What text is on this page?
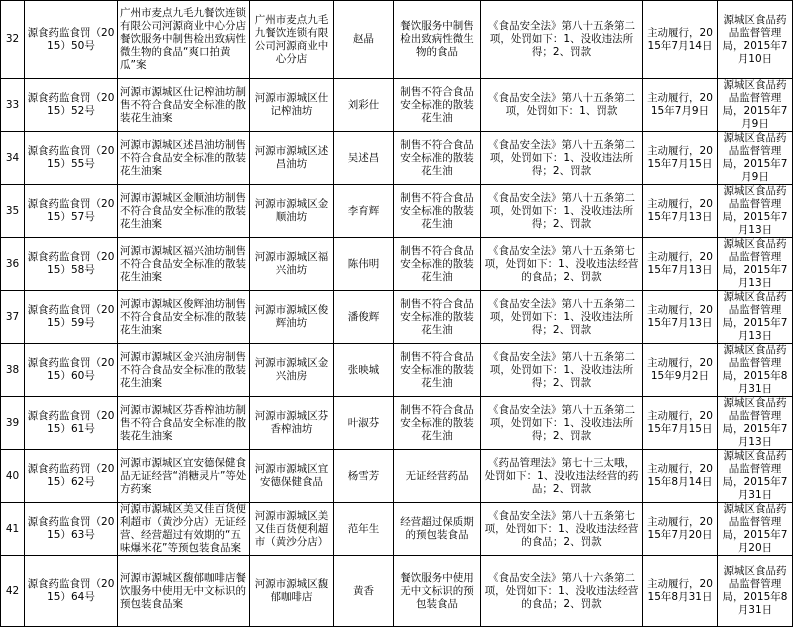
32	源食药监食罚（2015）50号	广州市麦点九毛九餐饮连锁有限公司河源商业中心分店餐饮服务中制售检出致病性微生物的食品“爽口拍黄瓜”案	广州市麦点九毛九餐饮连锁有限公司河源商业中心分店	赵晶	餐饮服务中制售检出致病性微生物的食品	《食品安全法》第八十五条第二项，处罚如下：1、没收违法所得；2、罚款	主动履行，2015年7月14日	源城区食品药品监督管理局，2015年7月10日
33	源食药监食罚（2015）52号	河源市源城区仕记榨油坊制售不符合食品安全标准的散装花生油案	河源市源城区仕记榨油坊	刘彩仕	制售不符合食品安全标准的散装花生油	《食品安全法》第八十五条第二项，处罚如下：1、罚款	主动履行，2015年7月9日	源城区食品药品监督管理局，2015年7月9日
34	源食药监食罚（2015）55号	河源市源城区述昌油坊制售不符合食品安全标准的散装花生油案	河源市源城区述昌油坊	吴述昌	制售不符合食品安全标准的散装花生油	《食品安全法》第八十五条第二项，处罚如下：1、没收违法所得；2、罚款	主动履行，2015年7月15日	源城区食品药品监督管理局，2015年7月9日
35	源食药监食罚（2015）57号	河源市源城区金顺油坊制售不符合食品安全标准的散装花生油案	河源市源城区金顺油坊	李育辉	制售不符合食品安全标准的散装花生油	《食品安全法》第八十五条第二项，处罚如下：1、没收违法所得；2、罚款	主动履行，2015年7月13日	源城区食品药品监督管理局，2015年7月13日
36	源食药监食罚（2015）58号	河源市源城区福兴油坊制售不符合食品安全标准的散装花生油案	河源市源城区福兴油坊	陈伟明	制售不符合食品安全标准的散装花生油	《食品安全法》第八十五条第七项，处罚如下：1、没收违法经营的食品；2、罚款	主动履行，2015年7月13日	源城区食品药品监督管理局，2015年7月13日
37	源食药监食罚（2015）59号	河源市源城区俊辉油坊制售不符合食品安全标准的散装花生油案	河源市源城区俊辉油坊	潘俊辉	制售不符合食品安全标准的散装花生油	《食品安全法》第八十五条第二项，处罚如下：1、没收违法所得；2、罚款	主动履行，2015年7月13日	源城区食品药品监督管理局，2015年7月13日
38	源食药监食罚（2015）60号	河源市源城区金兴油房制售不符合食品安全标准的散装花生油案	河源市源城区金兴油房	张映城	制售不符合食品安全标准的散装花生油	《食品安全法》第八十五条第二项，处罚如下：1、没收违法所得；2、罚款	主动履行，2015年9月2日	源城区食品药品监督管理局，2015年8月31日
39	源食药监食罚（2015）61号	河源市源城区芬香榨油坊制售不符合食品安全标准的散装花生油案	河源市源城区芬香榨油坊	叶淑芬	制售不符合食品安全标准的散装花生油	《食品安全法》第八十五条第二项，处罚如下：1、没收违法所得；2、罚款	主动履行，2015年7月15日	源城区食品药品监督管理局，2015年7月13日
40	源食药监药罚（2015）62号	河源市源城区宜安德保健食品无证经营“消糖灵片”等处方药案	河源市源城区宜安德保健食品	杨雪芳	无证经营药品	《药品管理法》第七十三太哦，处罚如下：1、没收违法经营的药品；2、罚款	主动履行，2015年8月14日	源城区食品药品监督管理局，2015年7月31日
41	源食药监食罚（2015）63号	河源市源城区美又佳百货便利超市（黄沙分店）无证经营、经营超过有效期的“五味爆米花”等预包装食品案	河源市源城区美又佳百货便利超市（黄沙分店）	范年生	经营超过保质期的预包装食品	《食品安全法》第八十五条第七项，处罚如下：1、没收违法经营的食品；2、罚款	主动履行，2015年7月20日	源城区食品药品监督管理局，2015年7月20日
42	源食药监食罚（2015）64号	河源市源城区馥郁咖啡店餐饮服务中使用无中文标识的预包装食品案	河源市源城区馥郁咖啡店	黄香	餐饮服务中使用无中文标识的预包装食品	《食品安全法》第八十六条第二项，处罚如下：1、没收违法经营的食品；2、罚款	主动履行，2015年8月31日	源城区食品药品监督管理局，2015年8月31日
